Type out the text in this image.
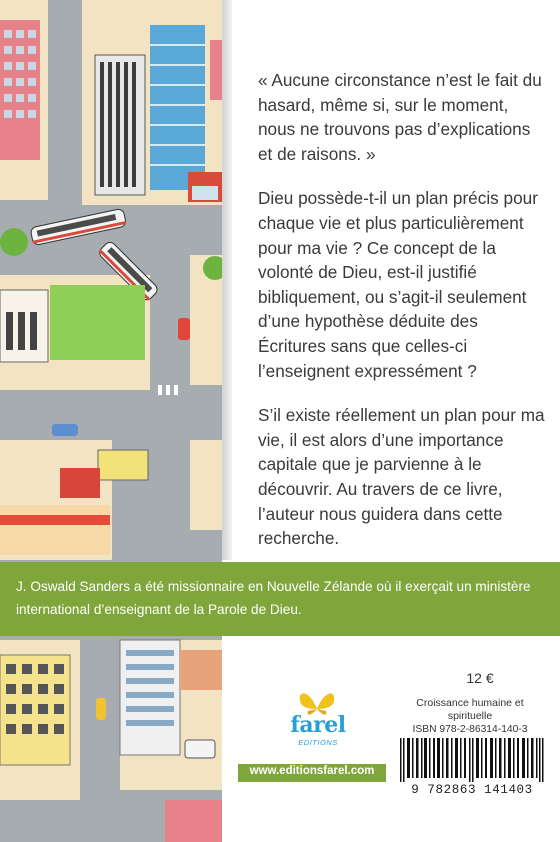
« Aucune circonstance n’est le fait du hasard, même si, sur le moment, nous ne trouvons pas d’explications et de raisons. »

Dieu possède-t-il un plan précis pour chaque vie et plus particulièrement pour ma vie ? Ce concept de la volonté de Dieu, est-il justifié bibliquement, ou s’agit-il seulement d’une hypothèse déduite des Écritures sans que celles-ci l’enseignent expressément ?

S’il existe réellement un plan pour ma vie, il est alors d’une importance capitale que je parvienne à le découvrir. Au travers de ce livre, l’auteur nous guidera dans cette recherche.

J. Oswald Sanders a été missionnaire en Nouvelle Zélande où il exerçait un ministère international d’enseignant de la Parole de Dieu.
farel
EDITIONS
www.editionsfarel.com
12 €
Croissance humaine et spirituelle
ISBN 978-2-86314-140-3
9 782863 141403
